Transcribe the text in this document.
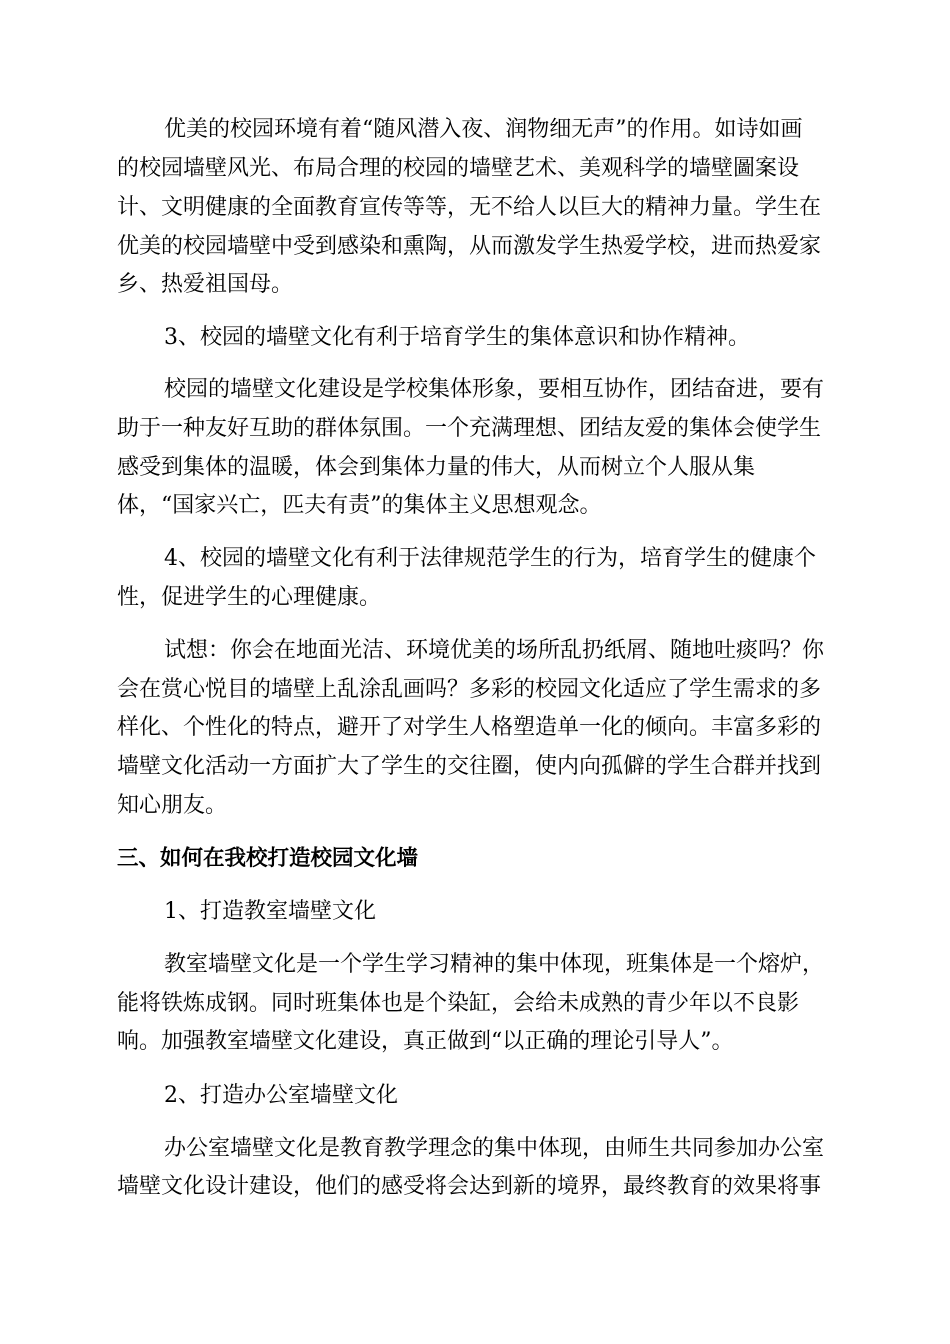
优美的校园环境有着“随风潜入夜、润物细无声”的作用。如诗如画
的校园墙壁风光、布局合理的校园的墙壁艺术、美观科学的墙壁圖案设
计、文明健康的全面教育宣传等等，无不给人以巨大的精神力量。学生在
优美的校园墙壁中受到感染和熏陶，从而激发学生热爱学校，进而热爱家
乡、热爱祖国母。
3、校园的墙壁文化有利于培育学生的集体意识和协作精神。
校园的墙壁文化建设是学校集体形象，要相互协作，团结奋进，要有
助于一种友好互助的群体氛围。一个充满理想、团结友爱的集体会使学生
感受到集体的温暖，体会到集体力量的伟大，从而树立个人服从集
体，“国家兴亡，匹夫有责”的集体主义思想观念。
4、校园的墙壁文化有利于法律规范学生的行为，培育学生的健康个
性，促进学生的心理健康。
试想：你会在地面光洁、环境优美的场所乱扔纸屑、随地吐痰吗？你
会在赏心悦目的墙壁上乱涂乱画吗？多彩的校园文化适应了学生需求的多
样化、个性化的特点，避开了对学生人格塑造单一化的倾向。丰富多彩的
墙壁文化活动一方面扩大了学生的交往圈，使内向孤僻的学生合群并找到
知心朋友。
三、如何在我校打造校园文化墙
1、打造教室墙壁文化
教室墙壁文化是一个学生学习精神的集中体现，班集体是一个熔炉，
能将铁炼成钢。同时班集体也是个染缸，会给未成熟的青少年以不良影
响。加强教室墙壁文化建设，真正做到“以正确的理论引导人”。
2、打造办公室墙壁文化
办公室墙壁文化是教育教学理念的集中体现，由师生共同参加办公室
墙壁文化设计建设，他们的感受将会达到新的境界，最终教育的效果将事
